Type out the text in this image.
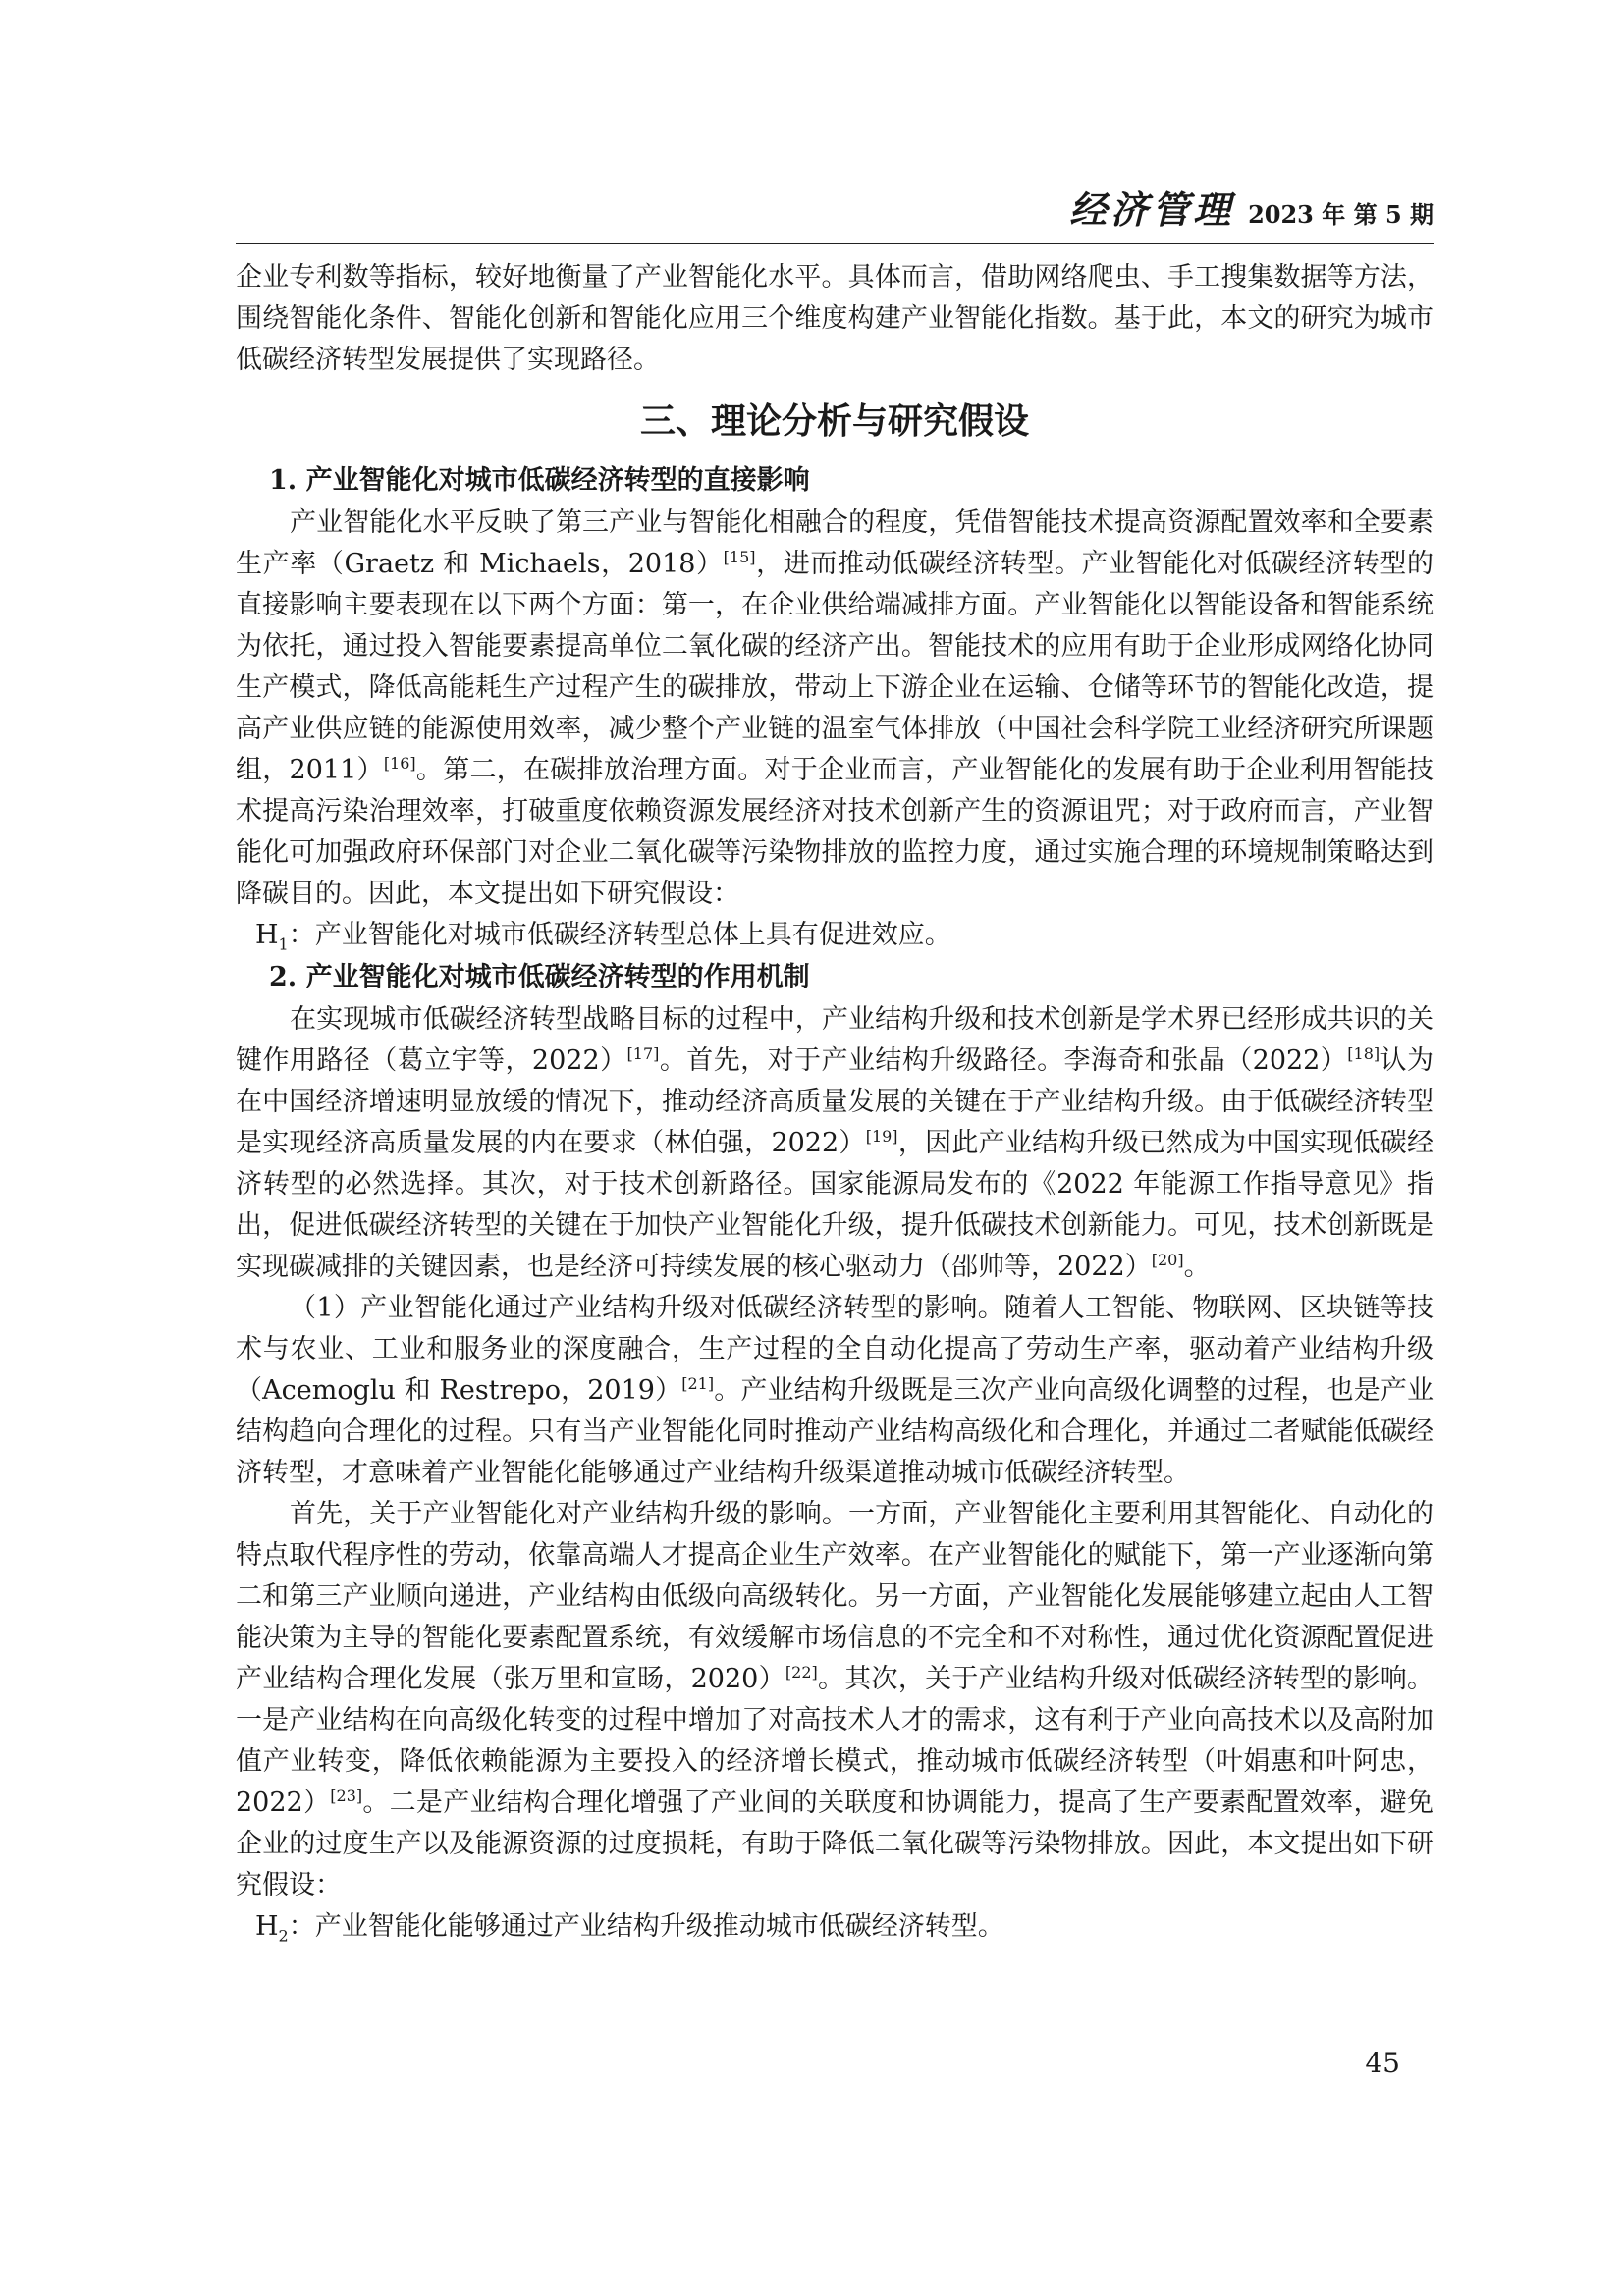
经济管理 2023 年 第 5 期

企业专利数等指标，较好地衡量了产业智能化水平。具体而言，借助网络爬虫、手工搜集数据等方法，围绕智能化条件、智能化创新和智能化应用三个维度构建产业智能化指数。基于此，本文的研究为城市低碳经济转型发展提供了实现路径。

三、理论分析与研究假设

1. 产业智能化对城市低碳经济转型的直接影响

产业智能化水平反映了第三产业与智能化相融合的程度，凭借智能技术提高资源配置效率和全要素生产率（Graetz 和 Michaels，2018）[15]，进而推动低碳经济转型。产业智能化对低碳经济转型的直接影响主要表现在以下两个方面：第一，在企业供给端减排方面。产业智能化以智能设备和智能系统为依托，通过投入智能要素提高单位二氧化碳的经济产出。智能技术的应用有助于企业形成网络化协同生产模式，降低高能耗生产过程产生的碳排放，带动上下游企业在运输、仓储等环节的智能化改造，提高产业供应链的能源使用效率，减少整个产业链的温室气体排放（中国社会科学院工业经济研究所课题组，2011）[16]。第二，在碳排放治理方面。对于企业而言，产业智能化的发展有助于企业利用智能技术提高污染治理效率，打破重度依赖资源发展经济对技术创新产生的资源诅咒；对于政府而言，产业智能化可加强政府环保部门对企业二氧化碳等污染物排放的监控力度，通过实施合理的环境规制策略达到降碳目的。因此，本文提出如下研究假设：

$H_1$：产业智能化对城市低碳经济转型总体上具有促进效应。

2. 产业智能化对城市低碳经济转型的作用机制

在实现城市低碳经济转型战略目标的过程中，产业结构升级和技术创新是学术界已经形成共识的关键作用路径（葛立宇等，2022）[17]。首先，对于产业结构升级路径。李海奇和张晶（2022）[18]认为在中国经济增速明显放缓的情况下，推动经济高质量发展的关键在于产业结构升级。由于低碳经济转型是实现经济高质量发展的内在要求（林伯强，2022）[19]，因此产业结构升级已然成为中国实现低碳经济转型的必然选择。其次，对于技术创新路径。国家能源局发布的《2022 年能源工作指导意见》指出，促进低碳经济转型的关键在于加快产业智能化升级，提升低碳技术创新能力。可见，技术创新既是实现碳减排的关键因素，也是经济可持续发展的核心驱动力（邵帅等，2022）[20]。

（1）产业智能化通过产业结构升级对低碳经济转型的影响。随着人工智能、物联网、区块链等技术与农业、工业和服务业的深度融合，生产过程的全自动化提高了劳动生产率，驱动着产业结构升级（Acemoglu 和 Restrepo，2019）[21]。产业结构升级既是三次产业向高级化调整的过程，也是产业结构趋向合理化的过程。只有当产业智能化同时推动产业结构高级化和合理化，并通过二者赋能低碳经济转型，才意味着产业智能化能够通过产业结构升级渠道推动城市低碳经济转型。

首先，关于产业智能化对产业结构升级的影响。一方面，产业智能化主要利用其智能化、自动化的特点取代程序性的劳动，依靠高端人才提高企业生产效率。在产业智能化的赋能下，第一产业逐渐向第二和第三产业顺向递进，产业结构由低级向高级转化。另一方面，产业智能化发展能够建立起由人工智能决策为主导的智能化要素配置系统，有效缓解市场信息的不完全和不对称性，通过优化资源配置促进产业结构合理化发展（张万里和宣旸，2020）[22]。其次，关于产业结构升级对低碳经济转型的影响。一是产业结构在向高级化转变的过程中增加了对高技术人才的需求，这有利于产业向高技术以及高附加值产业转变，降低依赖能源为主要投入的经济增长模式，推动城市低碳经济转型（叶娟惠和叶阿忠，2022）[23]。二是产业结构合理化增强了产业间的关联度和协调能力，提高了生产要素配置效率，避免企业的过度生产以及能源资源的过度损耗，有助于降低二氧化碳等污染物排放。因此，本文提出如下研究假设：

$H_2$：产业智能化能够通过产业结构升级推动城市低碳经济转型。

45
